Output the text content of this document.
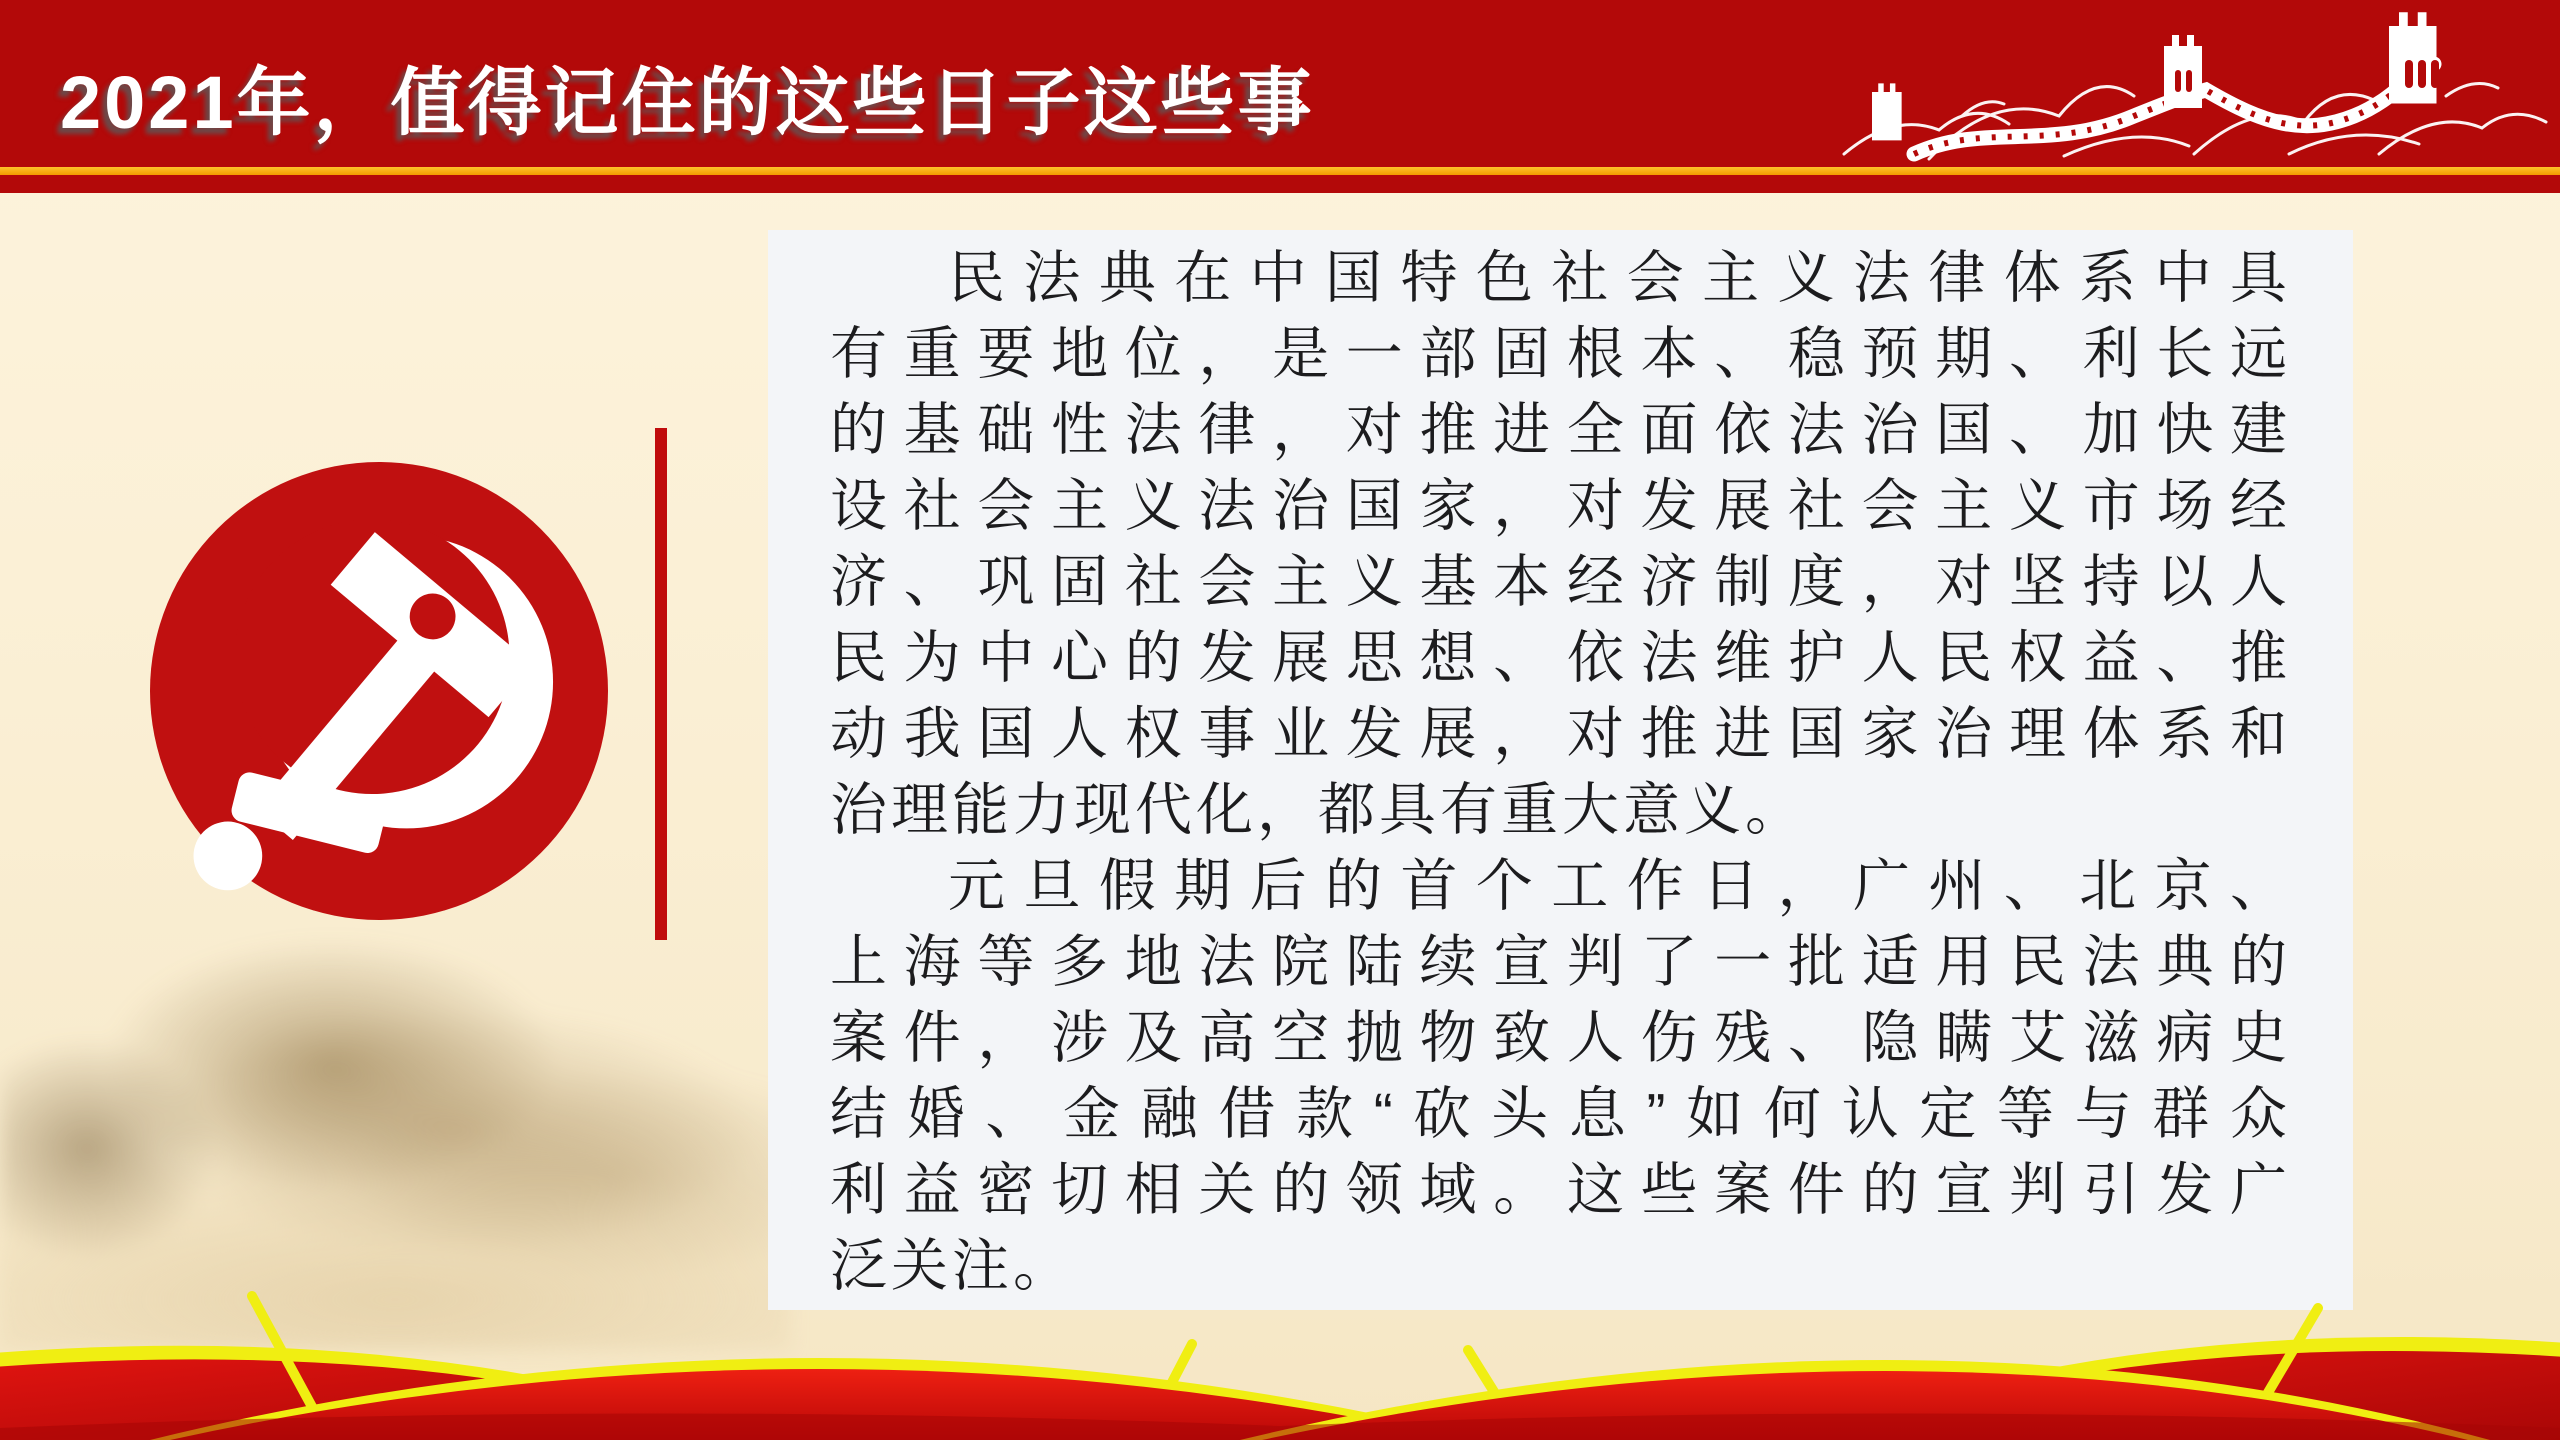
2021年，值得记住的这些日子这些事
民法典在中国特色社会主义法律体系中具
有重要地位，是一部固根本、稳预期、利长远
的基础性法律，对推进全面依法治国、加快建
设社会主义法治国家，对发展社会主义市场经
济、巩固社会主义基本经济制度，对坚持以人
民为中心的发展思想、依法维护人民权益、推
动我国人权事业发展，对推进国家治理体系和
治理能力现代化，都具有重大意义。
元旦假期后的首个工作日，广州、北京、
上海等多地法院陆续宣判了一批适用民法典的
案件，涉及高空抛物致人伤残、隐瞒艾滋病史
结婚、金融借款“砍头息”如何认定等与群众
利益密切相关的领域。这些案件的宣判引发广
泛关注。
